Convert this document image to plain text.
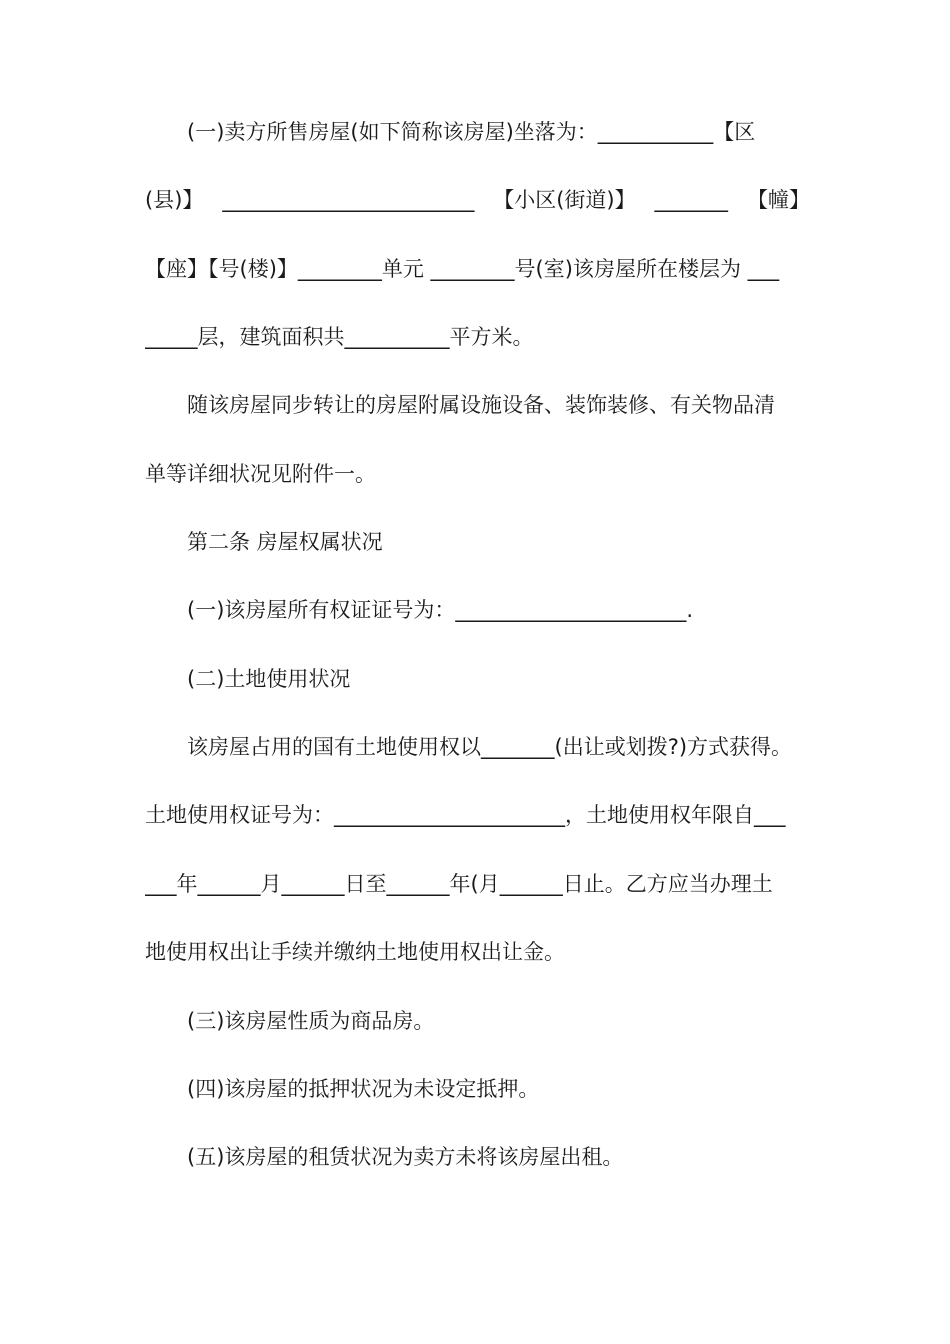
(一)卖方所售房屋(如下简称该房屋)坐落为：___________【区
(县)】 ________________________ 【小区(街道)】 _______ 【幢】
【座】【号(楼)】________单元 ________号(室)该房屋所在楼层为 ___
_____层，建筑面积共__________平方米。
随该房屋同步转让的房屋附属设施设备、装饰装修、有关物品清
单等详细状况见附件一。
第二条 房屋权属状况
(一)该房屋所有权证证号为：______________________.
(二)土地使用状况
该房屋占用的国有土地使用权以_______(出让或划拨?)方式获得。
土地使用权证号为：______________________，土地使用权年限自___
___年______月______日至______年(月______日止。乙方应当办理土
地使用权出让手续并缴纳土地使用权出让金。
(三)该房屋性质为商品房。
(四)该房屋的抵押状况为未设定抵押。
(五)该房屋的租赁状况为卖方未将该房屋出租。
